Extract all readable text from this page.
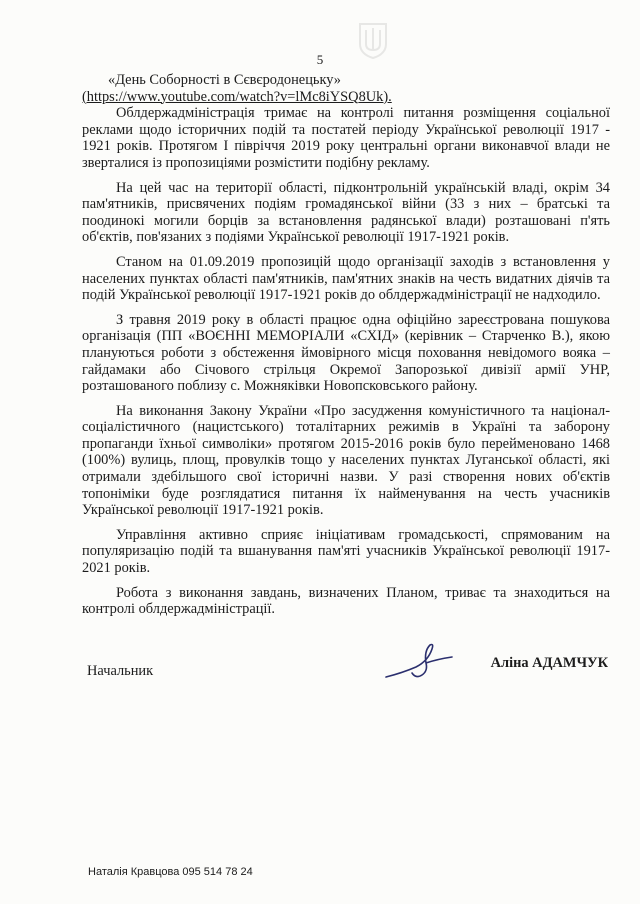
5
«День Соборності в Сєвєродонецьку»
(https://www.youtube.com/watch?v=lMc8iYSQ8Uk).

Облдержадміністрація тримає на контролі питання розміщення соціальної реклами щодо історичних подій та постатей періоду Української революції 1917 - 1921 років. Протягом I півріччя 2019 року центральні органи виконавчої влади не зверталися із пропозиціями розмістити подібну рекламу.

На цей час на території області, підконтрольній українській владі, окрім 34 пам'ятників, присвячених подіям громадянської війни (33 з них – братські та поодинокі могили борців за встановлення радянської влади) розташовані п'ять об'єктів, пов'язаних з подіями Української революції 1917-1921 років.

Станом на 01.09.2019 пропозицій щодо організації заходів з встановлення у населених пунктах області пам'ятників, пам'ятних знаків на честь видатних діячів та подій Української революції 1917-1921 років до облдержадміністрації не надходило.

З травня 2019 року в області працює одна офіційно зареєстрована пошукова організація (ПП «ВОЄННІ МЕМОРІАЛИ «СХІД» (керівник – Старченко В.), якою плануються роботи з обстеження ймовірного місця поховання невідомого вояка – гайдамаки або Січового стрільця Окремої Запорозької дивізії армії УНР, розташованого поблизу с. Можняківки Новопсковського району.

На виконання Закону України «Про засудження комуністичного та націонал-соціалістичного (нацистського) тоталітарних режимів в Україні та заборону пропаганди їхньої символіки» протягом 2015-2016 років було перейменовано 1468 (100%) вулиць, площ, провулків тощо у населених пунктах Луганської області, які отримали здебільшого свої історичні назви. У разі створення нових об'єктів топоніміки буде розглядатися питання їх найменування на честь учасників Української революції 1917-1921 років.

Управління активно сприяє ініціативам громадськості, спрямованим на популяризацію подій та вшанування пам'яті учасників Української революції 1917-2021 років.

Робота з виконання завдань, визначених Планом, триває та знаходиться на контролі облдержадміністрації.

Начальник	Аліна АДАМЧУК
Наталія Кравцова 095 514 78 24
